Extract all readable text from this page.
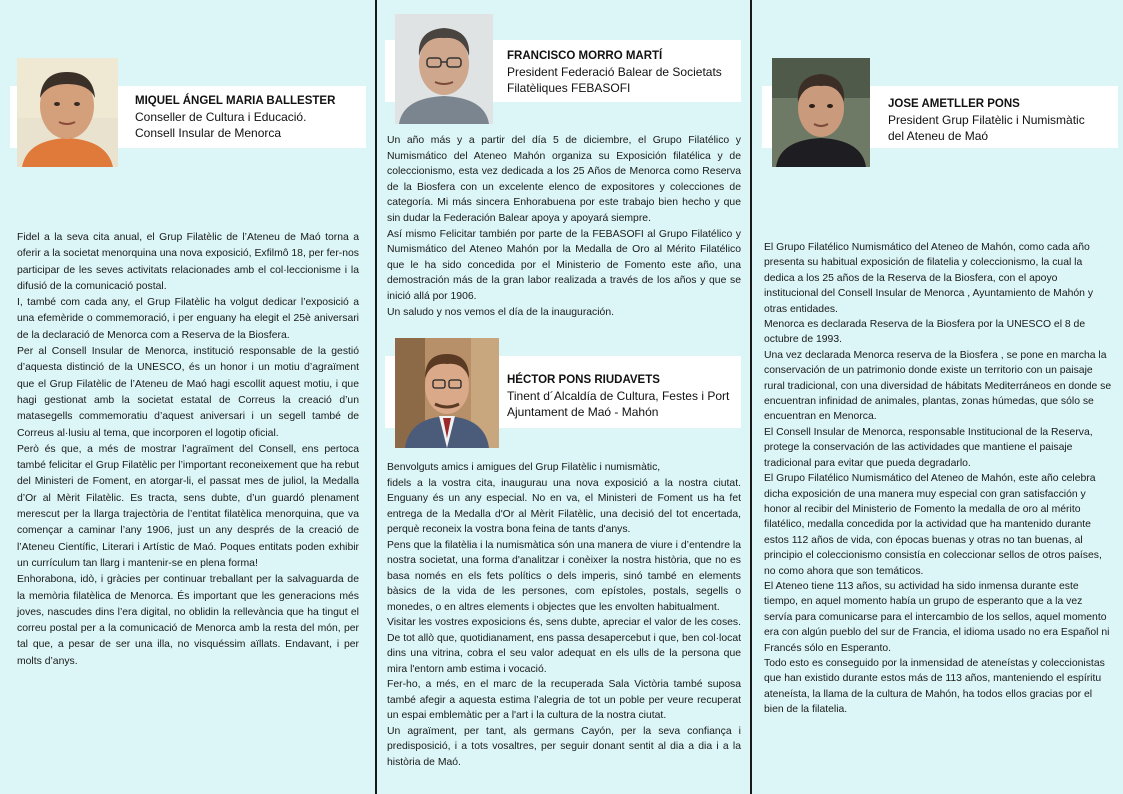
MIQUEL ÁNGEL MARIA BALLESTER
Conseller de Cultura i Educació.
Consell Insular de Menorca

Fidel a la seva cita anual, el Grup Filatèlic de l’Ateneu de Maó torna a oferir a la societat menorquina una nova exposició, Exfilmô 18, per fer-nos participar de les seves activitats relacionades amb el col·leccionisme i la difusió de la comunicació postal.

I, també com cada any, el Grup Filatèlic ha volgut dedicar l’exposició a una efemèride o commemoració, i per enguany ha elegit el 25è aniversari de la declaració de Menorca com a Reserva de la Biosfera.

Per al Consell Insular de Menorca, institució responsable de la gestió d’aquesta distinció de la UNESCO, és un honor i un motiu d’agraïment que el Grup Filatèlic de l’Ateneu de Maó hagi escollit aquest motiu, i que hagi gestionat amb la societat estatal de Correus la creació d’un matasegells commemoratiu d’aquest aniversari i un segell també de Correus al·lusiu al tema, que incorporen el logotip oficial.

Però és que, a més de mostrar l’agraïment del Consell, ens pertoca també felicitar el Grup Filatèlic per l’important reconeixement que ha rebut del Ministeri de Foment, en atorgar-li, el passat mes de juliol, la Medalla d’Or al Mèrit Filatèlic. Es tracta, sens dubte, d’un guardó plenament merescut per la llarga trajectòria de l’entitat filatèlica menorquina, que va començar a caminar l’any 1906, just un any després de la creació de l’Ateneu Científic, Literari i Artístic de Maó. Poques entitats poden exhibir un currículum tan llarg i mantenir-se en plena forma!

Enhorabona, idò, i gràcies per continuar treballant per la salvaguarda de la memòria filatèlica de Menorca. És important que les generacions més joves, nascudes dins l’era digital, no oblidin la rellevància que ha tingut el correu postal per a la comunicació de Menorca amb la resta del món, per tal que, a pesar de ser una illa, no visquéssim aïllats. Endavant, i per molts d’anys.

FRANCISCO MORRO MARTÍ
President Federació Balear de Societats
Filatèliques FEBASOFI

Un año más y a partir del día 5 de diciembre, el Grupo Filatélico y Numismático del Ateneo Mahón organiza su Exposición filatélica y de coleccionismo, esta vez dedicada a los 25 Años de Menorca como Reserva de la Biosfera con un excelente elenco de expositores y colecciones de categoría. Mi más sincera Enhorabuena por este trabajo bien hecho y que sin dudar la Federación Balear apoya y apoyará siempre.

Así mismo Felicitar también por parte de la FEBASOFI al Grupo Filatélico y Numismático del Ateneo Mahón por la Medalla de Oro al Mérito Filatélico que le ha sido concedida por el Ministerio de Fomento este año, una demostración más de la gran labor realizada a través de los años y que se inició allá por 1906.

Un saludo y nos vemos el día de la inauguración.

HÉCTOR PONS RIUDAVETS
Tinent d´Alcaldía de Cultura, Festes i Port
Ajuntament de Maó - Mahón

Benvolguts amics i amigues del Grup Filatèlic i numismàtic,

fidels a la vostra cita, inaugurau una nova exposició a la nostra ciutat. Enguany és un any especial. No en va, el Ministeri de Foment us ha fet entrega de la Medalla d'Or al Mèrit Filatèlic, una decisió del tot encertada, perquè reconeix la vostra bona feina de tants d'anys.

Pens que la filatèlia i la numismàtica són una manera de viure i d’entendre la nostra societat, una forma d'analitzar i conèixer la nostra història, que no es basa només en els fets polítics o dels imperis, sinó també en elements bàsics de la vida de les persones, com epístoles, postals, segells o monedes, o en altres elements i objectes que les envolten habitualment.

Visitar les vostres exposicions és, sens dubte, apreciar el valor de les coses. De tot allò que, quotidianament, ens passa desapercebut i que, ben col·locat dins una vitrina, cobra el seu valor adequat en els ulls de la persona que mira l'entorn amb estima i vocació.

Fer-ho, a més, en el marc de la recuperada Sala Victòria també suposa també afegir a aquesta estima l’alegria de tot un poble per veure recuperat un espai emblemàtic per a l'art i la cultura de la nostra ciutat.

Un agraïment, per tant, als germans Cayón, per la seva confiança i predisposició, i a tots vosaltres, per seguir donant sentit al dia a dia i a la història de Maó.

JOSE AMETLLER PONS
President Grup Filatèlic i Numismàtic
del Ateneu de Maó

El Grupo Filatélico Numismático del Ateneo de Mahón, como cada año presenta su habitual exposición de filatelia y coleccionismo, la cual la dedica a los 25 años de la Reserva de la Biosfera, con el apoyo institucional del Consell Insular de Menorca , Ayuntamiento de Mahón y otras entidades.

Menorca es declarada Reserva de la Biosfera por la UNESCO el 8 de octubre de 1993.

Una vez declarada Menorca reserva de la Biosfera , se pone en marcha la conservación de un patrimonio donde existe un territorio con un paisaje rural tradicional, con una diversidad de hábitats Mediterráneos en donde se encuentran infinidad de animales, plantas, zonas húmedas, que sólo se encuentran en Menorca.

El Consell Insular de Menorca, responsable Institucional de la Reserva, protege la conservación de las actividades que mantiene el paisaje tradicional para evitar que pueda degradarlo.

El Grupo Filatélico Numismático del Ateneo de Mahón, este año celebra dicha exposición de una manera muy especial con gran satisfacción y honor al recibir del Ministerio de Fomento la medalla de oro al mérito filatélico, medalla concedida por la actividad que ha mantenido durante estos 112 años de vida, con épocas buenas y otras no tan buenas, al principio el coleccionismo consistía en coleccionar sellos de otros países, no como ahora que son temáticos.

El Ateneo tiene 113 años, su actividad ha sido inmensa durante este tiempo, en aquel momento había un grupo de esperanto que a la vez servía para comunicarse para el intercambio de los sellos, aquel momento era con algún pueblo del sur de Francia, el idioma usado no era Español ni Francés sólo en Esperanto.

Todo esto es conseguido por la inmensidad de ateneístas y coleccionistas que han existido durante estos más de 113 años, manteniendo el espíritu ateneísta, la llama de la cultura de Mahón, ha todos ellos gracias por el bien de la filatelia.
